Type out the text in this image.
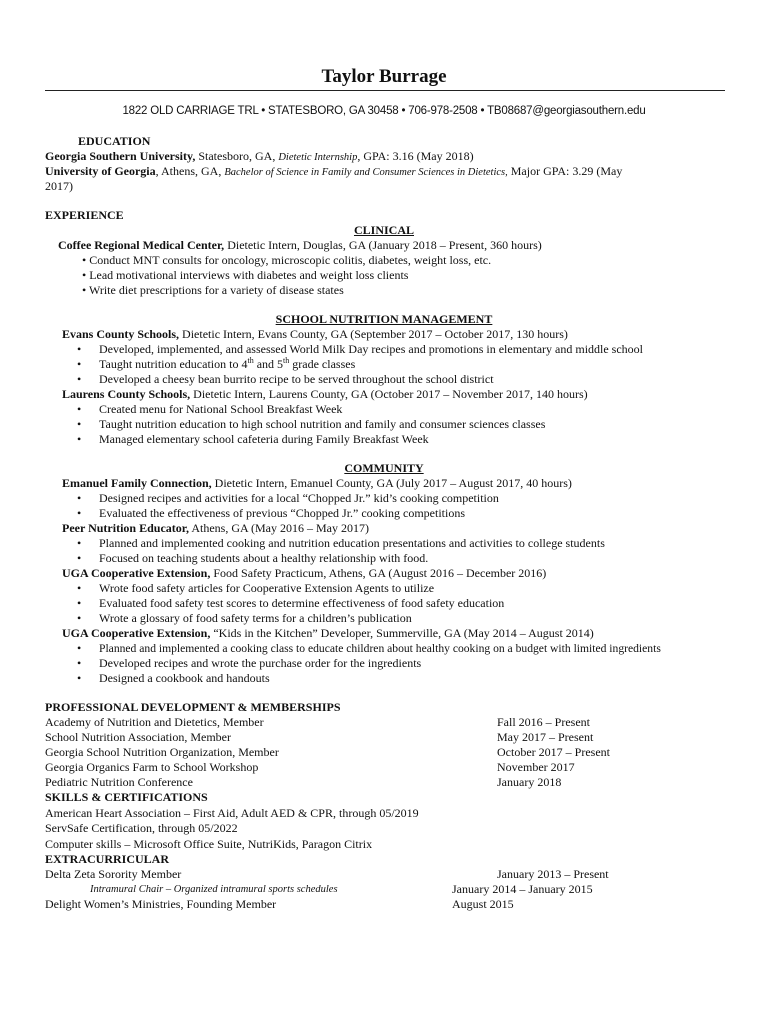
Taylor Burrage
1822 OLD CARRIAGE TRL • STATESBORO, GA 30458 • 706-978-2508 • TB08687@georgiasouthern.edu
EDUCATION
Georgia Southern University, Statesboro, GA, Dietetic Internship, GPA: 3.16 (May 2018)
University of Georgia, Athens, GA, Bachelor of Science in Family and Consumer Sciences in Dietetics, Major GPA: 3.29 (May
2017)
EXPERIENCE
CLINICAL
Coffee Regional Medical Center, Dietetic Intern, Douglas, GA (January 2018 – Present, 360 hours)
• Conduct MNT consults for oncology, microscopic colitis, diabetes, weight loss, etc.
• Lead motivational interviews with diabetes and weight loss clients
• Write diet prescriptions for a variety of disease states
SCHOOL NUTRITION MANAGEMENT
Evans County Schools, Dietetic Intern, Evans County, GA (September 2017 – October 2017, 130 hours)
• Developed, implemented, and assessed World Milk Day recipes and promotions in elementary and middle school
• Taught nutrition education to 4th and 5th grade classes
• Developed a cheesy bean burrito recipe to be served throughout the school district
Laurens County Schools, Dietetic Intern, Laurens County, GA (October 2017 – November 2017, 140 hours)
• Created menu for National School Breakfast Week
• Taught nutrition education to high school nutrition and family and consumer sciences classes
• Managed elementary school cafeteria during Family Breakfast Week
COMMUNITY
Emanuel Family Connection, Dietetic Intern, Emanuel County, GA (July 2017 – August 2017, 40 hours)
• Designed recipes and activities for a local “Chopped Jr.” kid’s cooking competition
• Evaluated the effectiveness of previous “Chopped Jr.” cooking competitions
Peer Nutrition Educator, Athens, GA (May 2016 – May 2017)
• Planned and implemented cooking and nutrition education presentations and activities to college students
• Focused on teaching students about a healthy relationship with food.
UGA Cooperative Extension, Food Safety Practicum, Athens, GA (August 2016 – December 2016)
• Wrote food safety articles for Cooperative Extension Agents to utilize
• Evaluated food safety test scores to determine effectiveness of food safety education
• Wrote a glossary of food safety terms for a children’s publication
UGA Cooperative Extension, “Kids in the Kitchen” Developer, Summerville, GA (May 2014 – August 2014)
• Planned and implemented a cooking class to educate children about healthy cooking on a budget with limited ingredients
• Developed recipes and wrote the purchase order for the ingredients
• Designed a cookbook and handouts
PROFESSIONAL DEVELOPMENT & MEMBERSHIPS
Academy of Nutrition and Dietetics, Member	Fall 2016 – Present
School Nutrition Association, Member	May 2017 – Present
Georgia School Nutrition Organization, Member	October 2017 – Present
Georgia Organics Farm to School Workshop	November 2017
Pediatric Nutrition Conference	January 2018
SKILLS & CERTIFICATIONS
American Heart Association – First Aid, Adult AED & CPR, through 05/2019
ServSafe Certification, through 05/2022
Computer skills – Microsoft Office Suite, NutriKids, Paragon Citrix
EXTRACURRICULAR
Delta Zeta Sorority Member	January 2013 – Present
Intramural Chair – Organized intramural sports schedules	January 2014 – January 2015
Delight Women’s Ministries, Founding Member	August 2015
